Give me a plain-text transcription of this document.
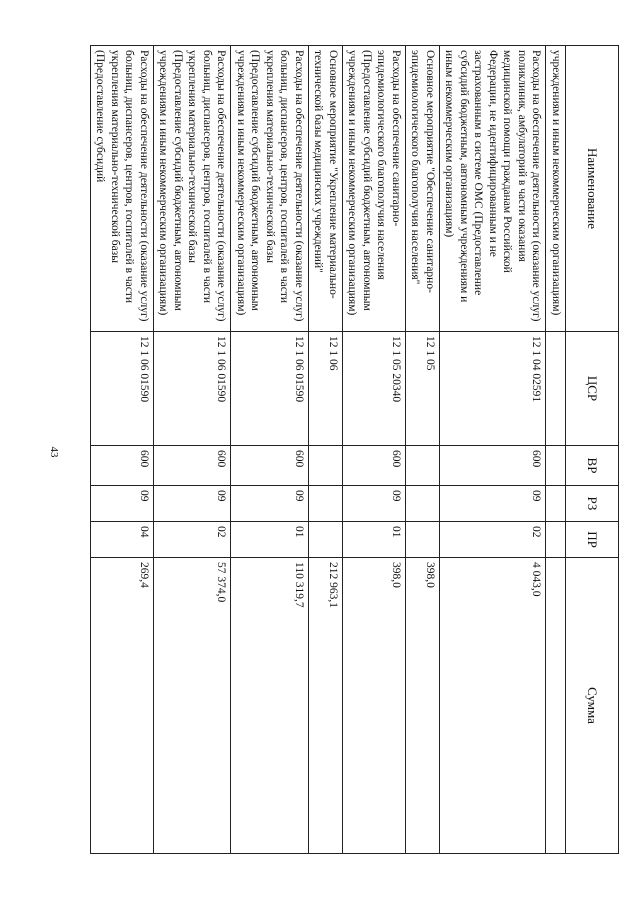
43
Наименование	ЦСР	ВР	РЗ	ПР	Сумма
учреждениям и иным некоммерческим организациям)					
Расходы на обеспечение деятельности (оказание услуг) поликлиник, амбулаторий в части оказания медицинской помощи гражданам Российской Федерации, не идентифицированным и не застрахованным в системе ОМС (Предоставление субсидий бюджетным, автономным учреждениям и иным некоммерческим организациям)	12 1 04 02591	600	09	02	4 043,0
Основное мероприятие "Обеспечение санитарно-эпидемиологического благополучия населения"	12 1 05				398,0
Расходы на обеспечение санитарно-эпидемиологического благополучия населения (Предоставление субсидий бюджетным, автономным учреждениям и иным некоммерческим организациям)	12 1 05 20340	600	09	01	398,0
Основное мероприятие "Укрепление материально-технической базы медицинских учреждений"	12 1 06				212 963,1
Расходы на обеспечение деятельности (оказание услуг) больниц, диспансеров, центров, госпиталей в части укрепления материально-технической базы (Предоставление субсидий бюджетным, автономным учреждениям и иным некоммерческим организациям)	12 1 06 01590	600	09	01	110 319,7
Расходы на обеспечение деятельности (оказание услуг) больниц, диспансеров, центров, госпиталей в части укрепления материально-технической базы (Предоставление субсидий бюджетным, автономным учреждениям и иным некоммерческим организациям)	12 1 06 01590	600	09	02	57 374,0
Расходы на обеспечение деятельности (оказание услуг) больниц, диспансеров, центров, госпиталей в части укрепления материально-технической базы (Предоставление субсидий	12 1 06 01590	600	09	04	269,4
